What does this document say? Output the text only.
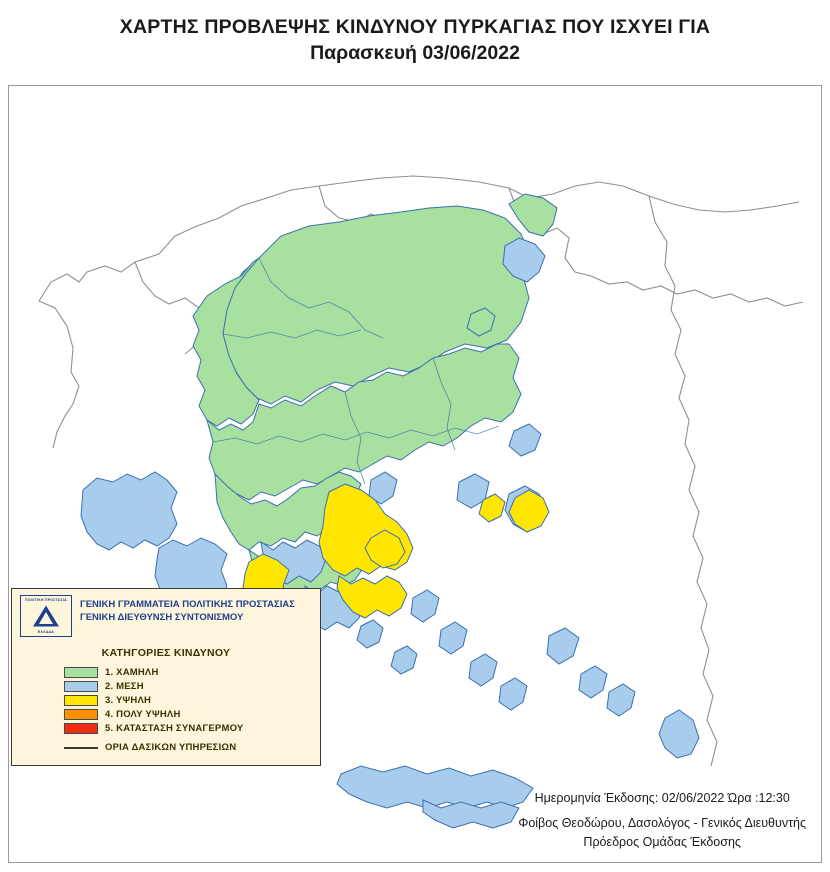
ΧΑΡΤΗΣ ΠΡΟΒΛΕΨΗΣ ΚΙΝΔΥΝΟΥ ΠΥΡΚΑΓΙΑΣ ΠΟΥ ΙΣΧΥΕΙ ΓΙΑ
Παρασκευή 03/06/2022
ΠΟΛΙΤΙΚΗ ΠΡΟΣΤΑΣΙΑ
ΕΛΛΑΔΑ
ΓΕΝΙΚΗ ΓΡΑΜΜΑΤΕΙΑ ΠΟΛΙΤΙΚΗΣ ΠΡΟΣΤΑΣΙΑΣ
ΓΕΝΙΚΗ ΔΙΕΥΘΥΝΣΗ ΣΥΝΤΟΝΙΣΜΟΥ
ΚΑΤΗΓΟΡΙΕΣ ΚΙΝΔΥΝΟΥ
1. ΧΑΜΗΛΗ
2. ΜΕΣΗ
3. ΥΨΗΛΗ
4. ΠΟΛΥ ΥΨΗΛΗ
5. ΚΑΤΑΣΤΑΣΗ ΣΥΝΑΓΕΡΜΟΥ
ΟΡΙΑ ΔΑΣΙΚΩΝ ΥΠΗΡΕΣΙΩΝ
Ημερομηνία Έκδοσης: 02/06/2022 Ώρα :12:30
Φοίβος Θεοδώρου, Δασολόγος - Γενικός Διευθυντής
Πρόεδρος Ομάδας Έκδοσης
